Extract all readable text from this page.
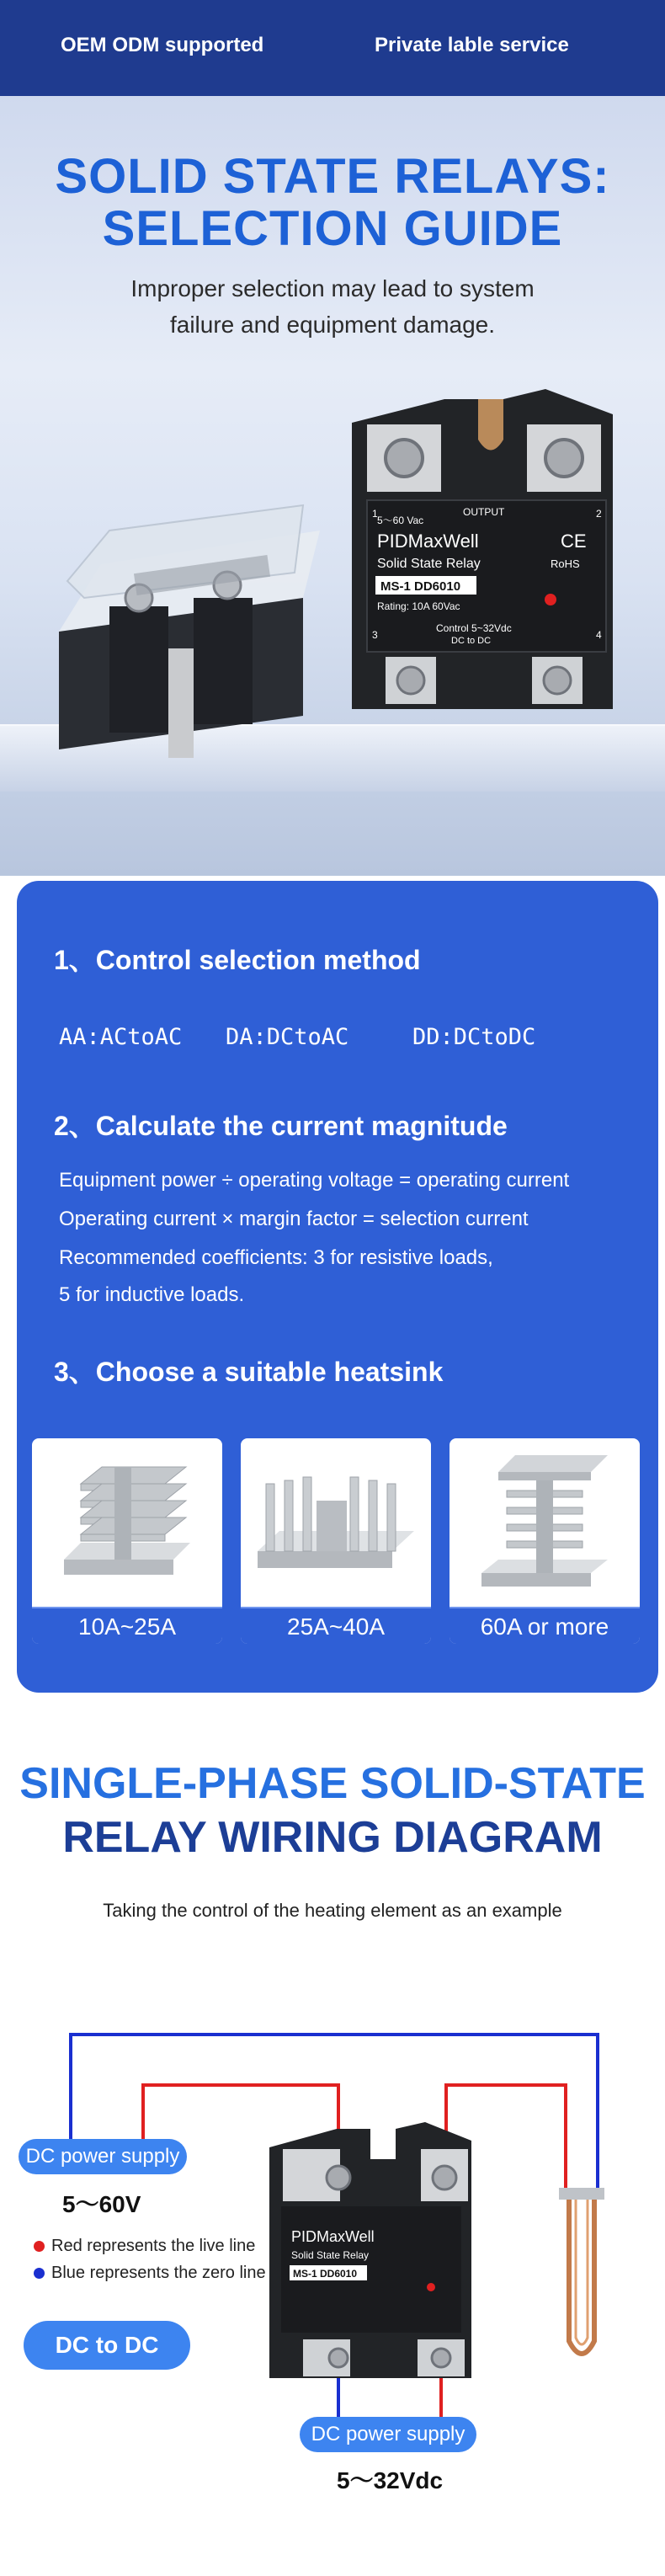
OEM ODM supported	Private lable service
SOLID STATE RELAYS:
SELECTION GUIDE
Improper selection may lead to system
failure and equipment damage.
5～60 Vac
OUTPUT
PIDMaxWell	CE
Solid State Relay	RoHS
MS-1 DD6010
Rating: 10A 60Vac
Control 5~32Vdc
DC to DC
1	2
3	4
1、Control selection method
AA:ACtoAC DA:DCtoAC	DD:DCtoDC
2、Calculate the current magnitude
Equipment power ÷ operating voltage = operating current
Operating current × margin factor = selection current
Recommended coefficients: 3 for resistive loads,
5 for inductive loads.
3、Choose a suitable heatsink
10A~25A	25A~40A	60A or more
SINGLE-PHASE SOLID-STATE
RELAY WIRING DIAGRAM
Taking the control of the heating element as an example
PIDMaxWell
Solid State Relay
MS-1 DD6010
DC power supply
5～60V
Red represents the live line
Blue represents the zero line
DC to DC
DC power supply
5～32Vdc
